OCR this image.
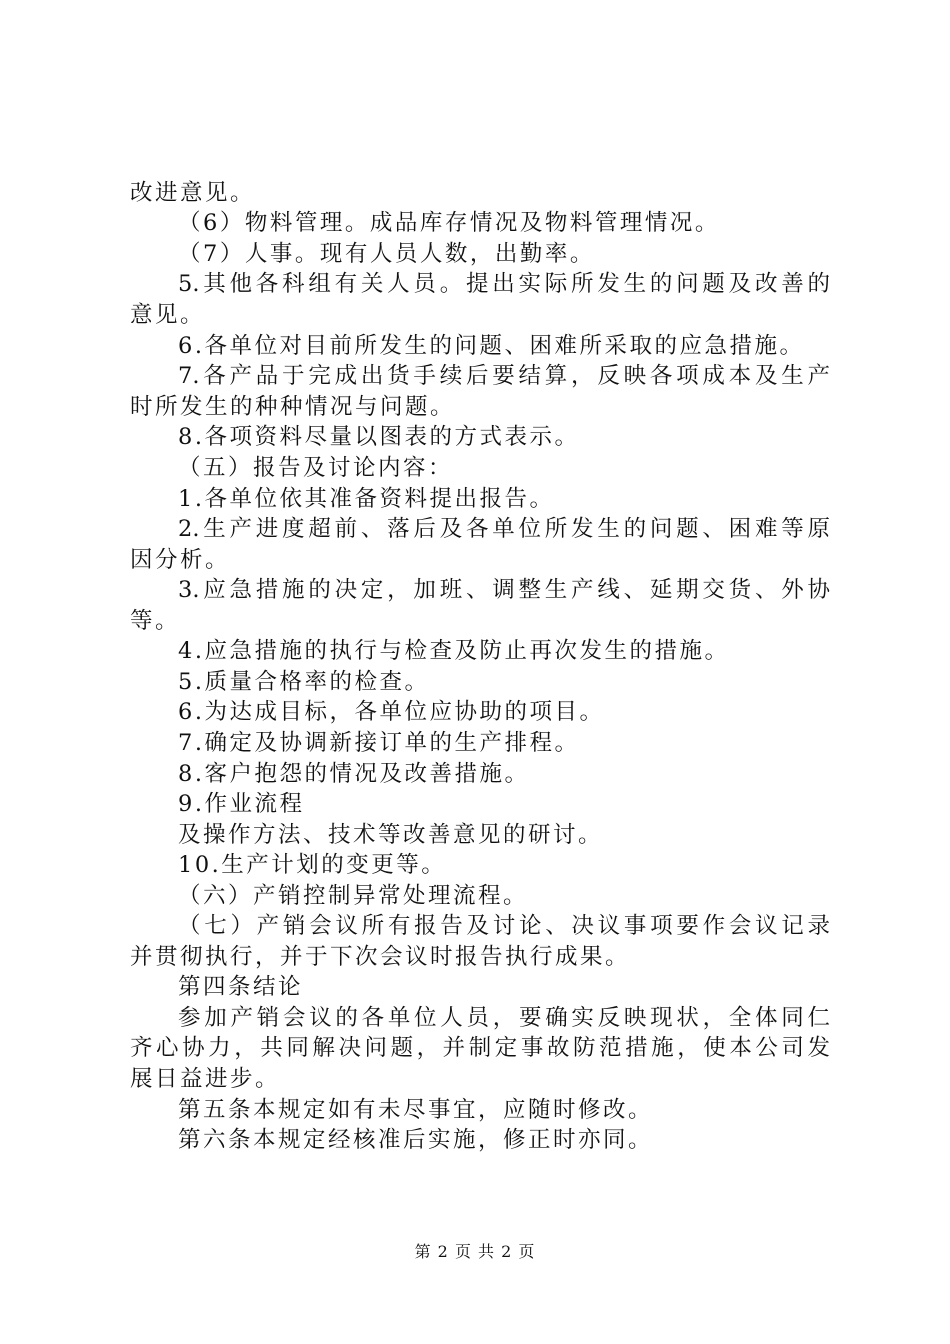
改进意见。
（6）物料管理。成品库存情况及物料管理情况。
（7）人事。现有人员人数，出勤率。
5.其他各科组有关人员。提出实际所发生的问题及改善的
意见。
6.各单位对目前所发生的问题、困难所采取的应急措施。
7.各产品于完成出货手续后要结算，反映各项成本及生产
时所发生的种种情况与问题。
8.各项资料尽量以图表的方式表示。
（五）报告及讨论内容：
1.各单位依其准备资料提出报告。
2.生产进度超前、落后及各单位所发生的问题、困难等原
因分析。
3.应急措施的决定，加班、调整生产线、延期交货、外协
等。
4.应急措施的执行与检查及防止再次发生的措施。
5.质量合格率的检查。
6.为达成目标，各单位应协助的项目。
7.确定及协调新接订单的生产排程。
8.客户抱怨的情况及改善措施。
9.作业流程
及操作方法、技术等改善意见的研讨。
10.生产计划的变更等。
（六）产销控制异常处理流程。
（七）产销会议所有报告及讨论、决议事项要作会议记录
并贯彻执行，并于下次会议时报告执行成果。
第四条结论
参加产销会议的各单位人员，要确实反映现状，全体同仁
齐心协力，共同解决问题，并制定事故防范措施，使本公司发
展日益进步。
第五条本规定如有未尽事宜，应随时修改。
第六条本规定经核准后实施，修正时亦同。
第 2 页 共 2 页
